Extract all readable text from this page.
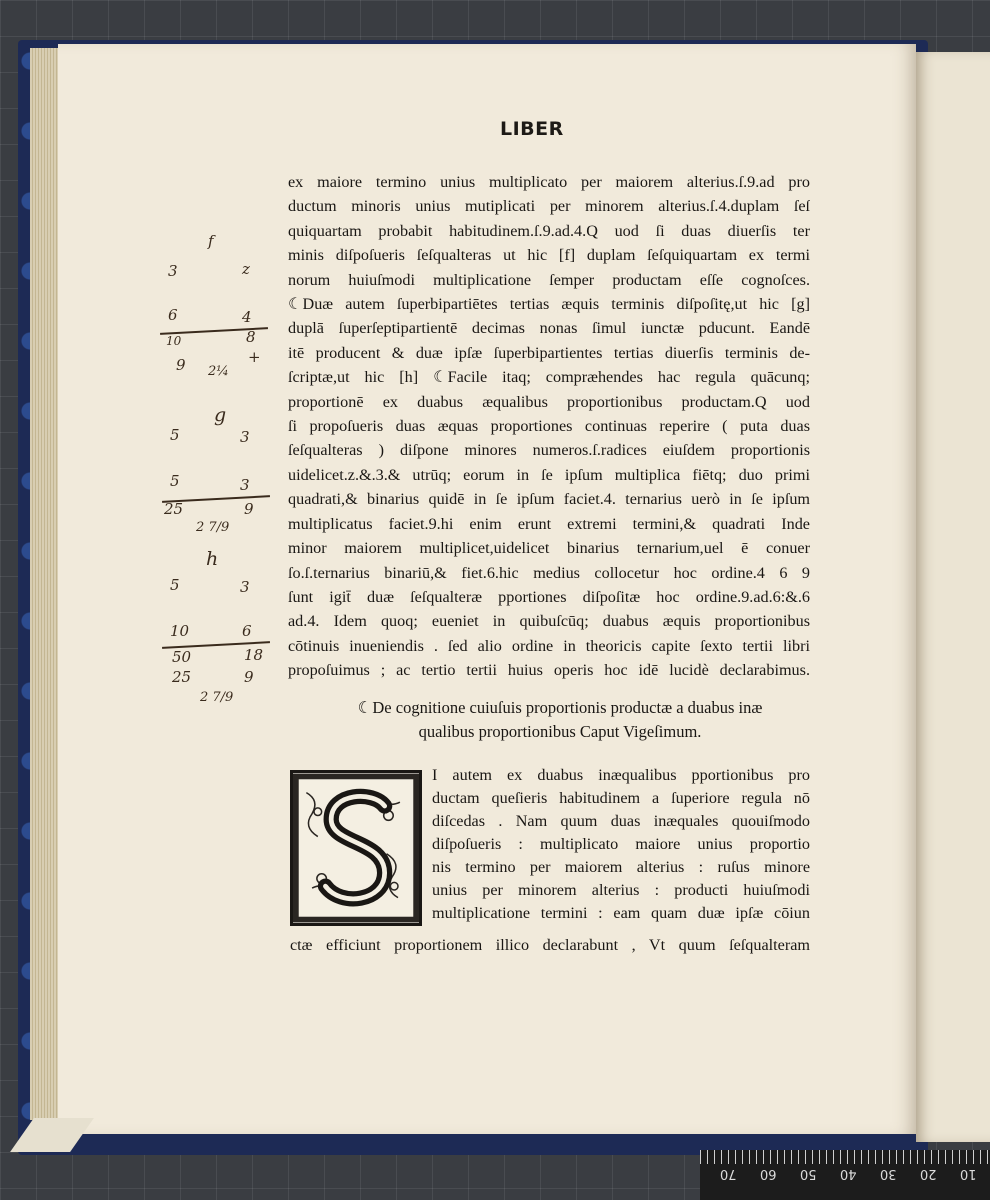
70 60 50 40 30 20 10
LIBER
ex maiore termino unius multiplicato per maiorem alterius.ſ.9.ad pro
ductum minoris unius mutiplicati per minorem alterius.ſ.4.duplam ſeſ
quiquartam probabit habitudinem.ſ.9.ad.4.Q uod ſi duas diuerſis ter
minis diſpoſueris ſeſqualteras ut hic [f] duplam ſeſquiquartam ex termi
norum huiuſmodi multiplicatione ſemper productam eſſe cognoſces.
☾Duæ autem ſuperbipartiētes tertias æquis terminis diſpoſitę,ut hic [g]
duplā ſuperſeptipartientē decimas nonas ſimul iunctæ pducunt. Eandē
itē producent & duæ ipſæ ſuperbipartientes tertias diuerſis terminis de-
ſcriptæ,ut hic [h] ☾Facile itaq; compræhendes hac regula quācunq;
proportionē ex duabus æqualibus proportionibus productam.Q uod
ſi propoſueris duas æquas proportiones continuas reperire ( puta duas
ſeſqualteras ) diſpone minores numeros.ſ.radices eiuſdem proportionis
uidelicet.z.&.3.& utrūq; eorum in ſe ipſum multiplica fiētq; duo primi
quadrati,& binarius quidē in ſe ipſum faciet.4. ternarius uerò in ſe ipſum
multiplicatus faciet.9.hi enim erunt extremi termini,& quadrati Inde
minor maiorem multiplicet,uidelicet binarius ternarium,uel ē conuer
ſo.ſ.ternarius binariū,& fiet.6.hic medius collocetur hoc ordine.4 6 9
ſunt igit̄ duæ ſeſqualteræ pportiones diſpoſitæ hoc ordine.9.ad.6:&.6
ad.4. Idem quoq; eueniet in quibuſcūq; duabus æquis proportionibus
cōtinuis inueniendis . ſed alio ordine in theoricis capite ſexto tertii libri
propoſuimus ; ac tertio tertii huius operis hoc idē lucidè declarabimus.
☾De cognitione cuiuſuis proportionis productæ a duabus inæ
qualibus proportionibus Caput Vigeſimum.
I autem ex duabus inæqualibus pportionibus pro
ductam queſieris habitudinem a ſuperiore regula nō
diſcedas . Nam quum duas inæquales quouiſmodo
diſpoſueris : multiplicato maiore unius proportio
nis termino per maiorem alterius : ruſus minore
unius per minorem alterius : producti huiuſmodi
multiplicatione termini : eam quam duæ ipſæ cōiun
ctæ efficiunt proportionem illico declarabunt , Vt quum ſeſqualteram
f
3	z
6	4
10	8
9 2¼
+
g
5	3
5	3
25	9
2 7/9
h
5	3
10	6
50	18
25	9
2 7/9
